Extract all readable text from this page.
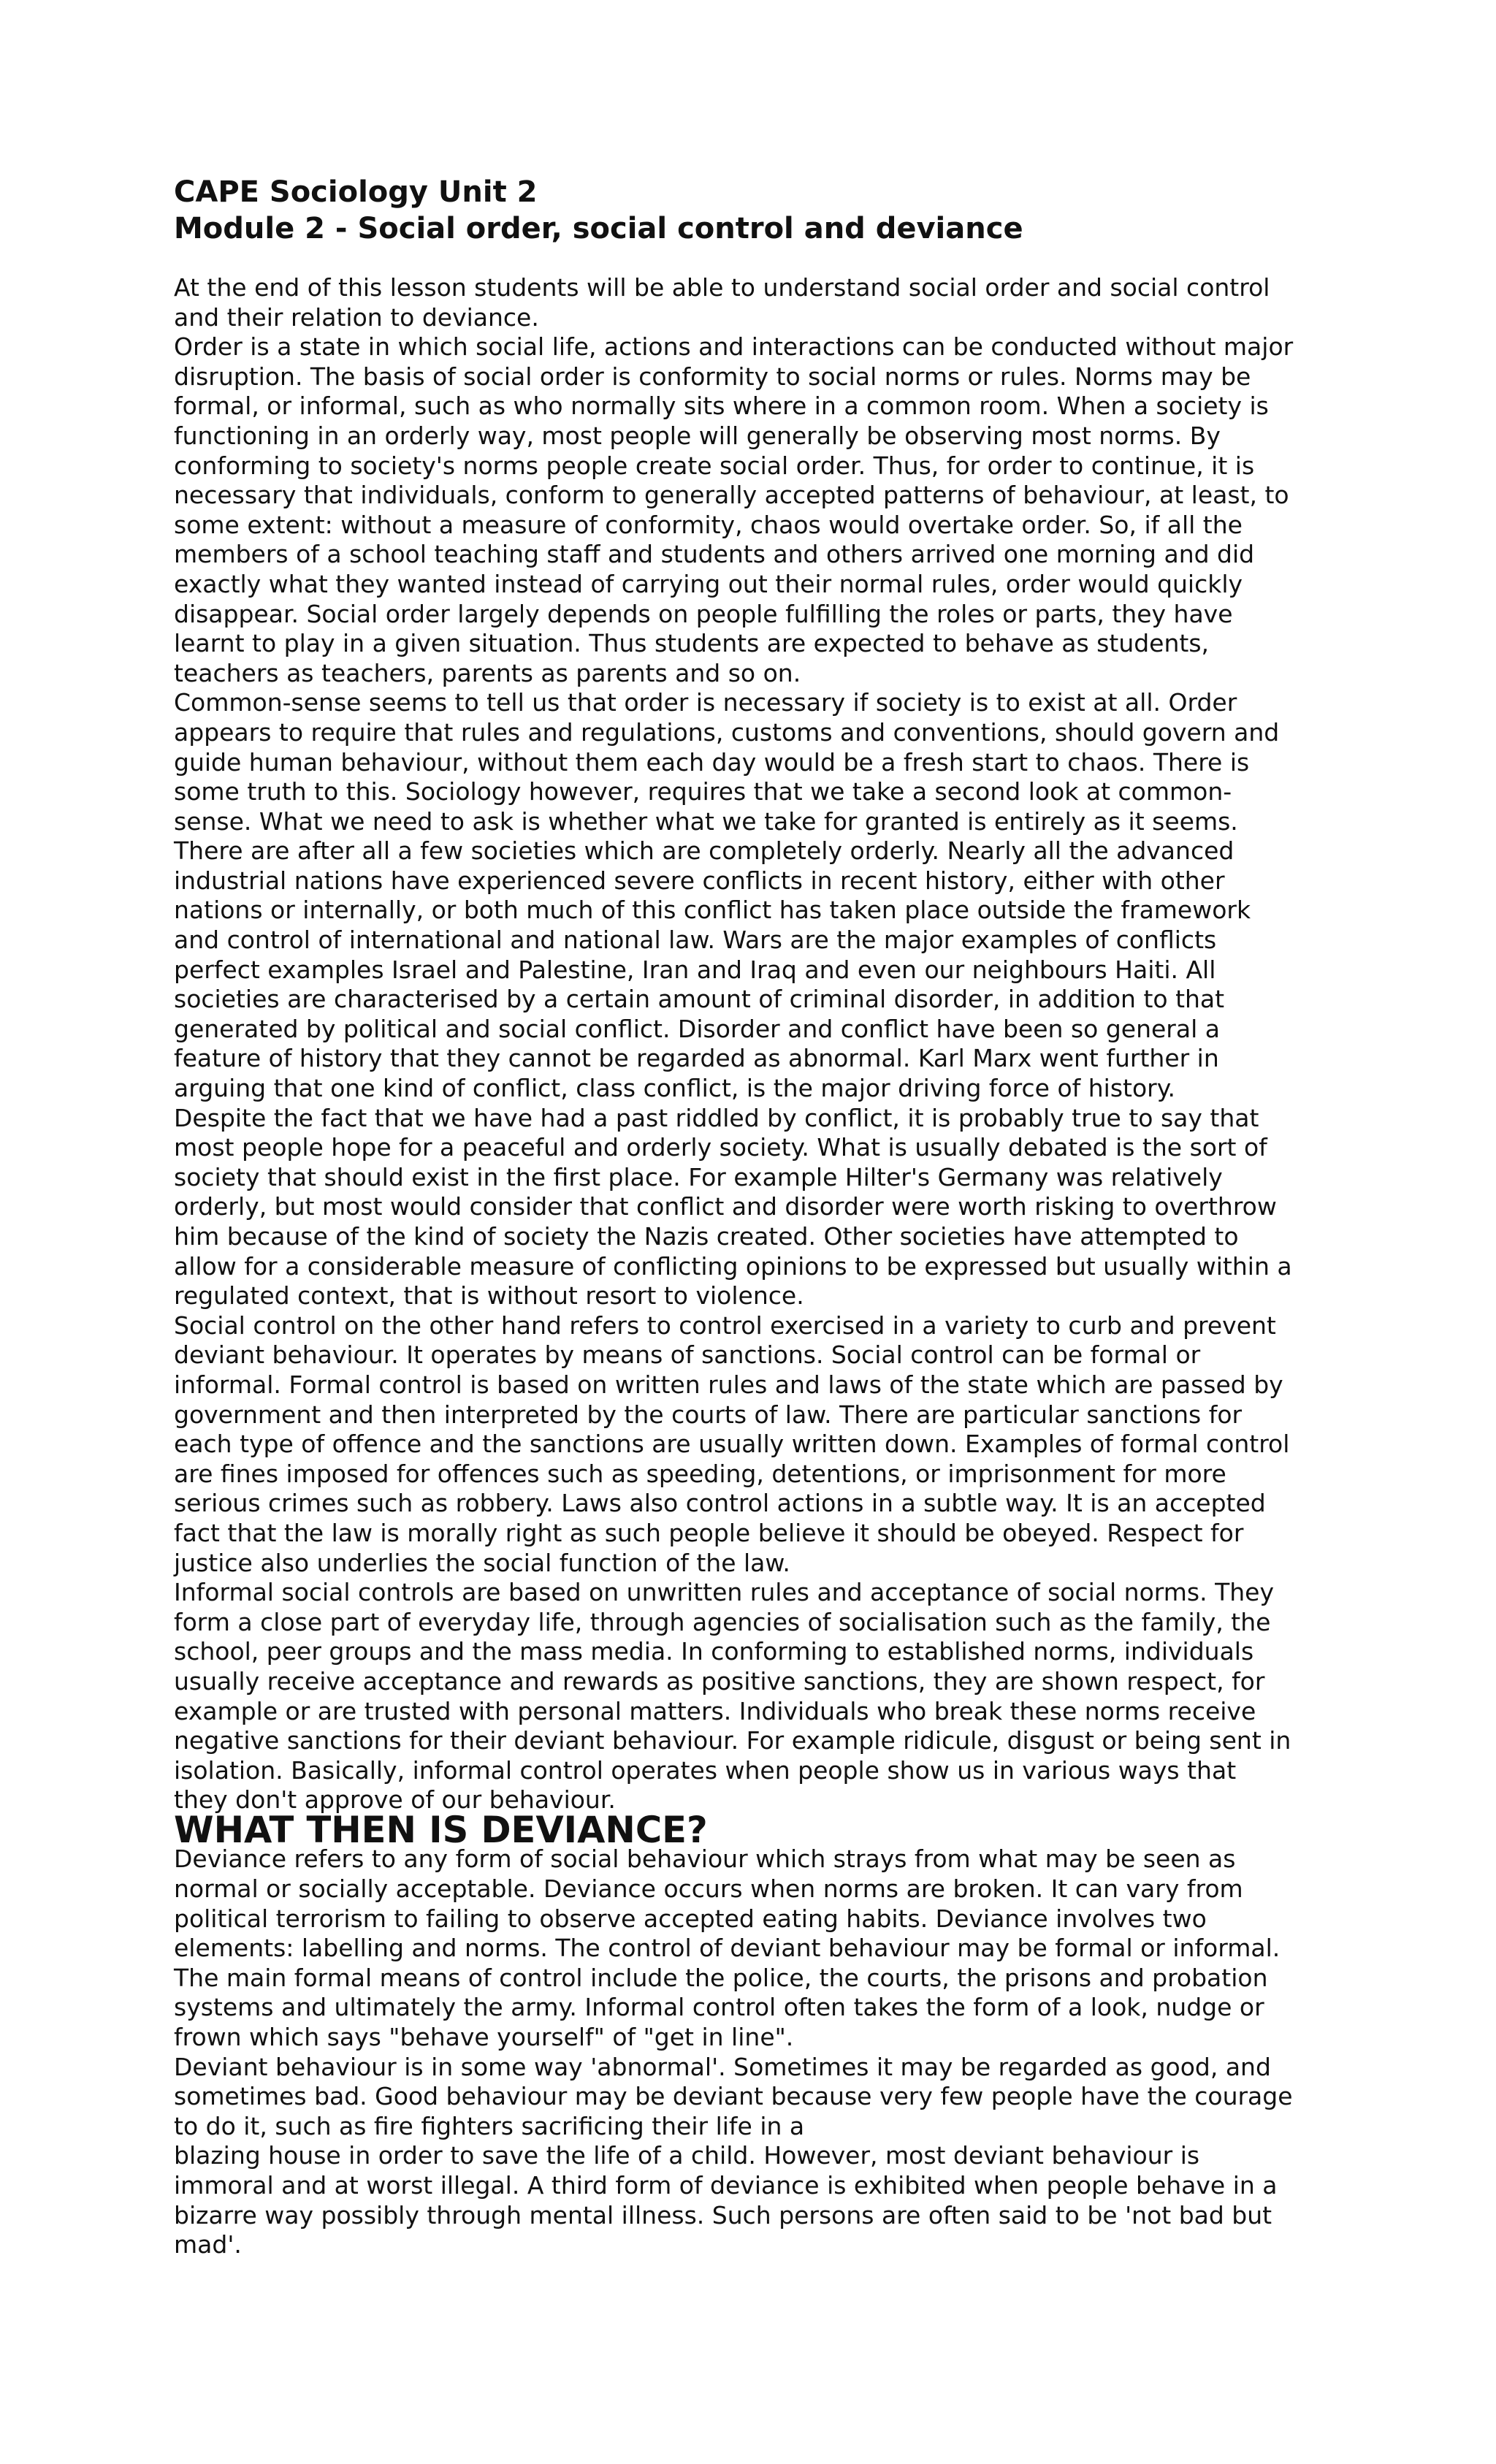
CAPE Sociology Unit 2
Module 2 - Social order, social control and deviance

At the end of this lesson students will be able to understand social order and social control
and their relation to deviance.

Order is a state in which social life, actions and interactions can be conducted without major
disruption. The basis of social order is conformity to social norms or rules. Norms may be
formal, or informal, such as who normally sits where in a common room. When a society is
functioning in an orderly way, most people will generally be observing most norms. By
conforming to society's norms people create social order. Thus, for order to continue, it is
necessary that individuals, conform to generally accepted patterns of behaviour, at least, to
some extent: without a measure of conformity, chaos would overtake order. So, if all the
members of a school teaching staff and students and others arrived one morning and did
exactly what they wanted instead of carrying out their normal rules, order would quickly
disappear. Social order largely depends on people fulfilling the roles or parts, they have
learnt to play in a given situation. Thus students are expected to behave as students,
teachers as teachers, parents as parents and so on.

Common-sense seems to tell us that order is necessary if society is to exist at all. Order
appears to require that rules and regulations, customs and conventions, should govern and
guide human behaviour, without them each day would be a fresh start to chaos. There is
some truth to this. Sociology however, requires that we take a second look at common-
sense. What we need to ask is whether what we take for granted is entirely as it seems.
There are after all a few societies which are completely orderly. Nearly all the advanced
industrial nations have experienced severe conflicts in recent history, either with other
nations or internally, or both much of this conflict has taken place outside the framework
and control of international and national law. Wars are the major examples of conflicts
perfect examples Israel and Palestine, Iran and Iraq and even our neighbours Haiti. All
societies are characterised by a certain amount of criminal disorder, in addition to that
generated by political and social conflict. Disorder and conflict have been so general a
feature of history that they cannot be regarded as abnormal. Karl Marx went further in
arguing that one kind of conflict, class conflict, is the major driving force of history.

Despite the fact that we have had a past riddled by conflict, it is probably true to say that
most people hope for a peaceful and orderly society. What is usually debated is the sort of
society that should exist in the first place. For example Hilter's Germany was relatively
orderly, but most would consider that conflict and disorder were worth risking to overthrow
him because of the kind of society the Nazis created. Other societies have attempted to
allow for a considerable measure of conflicting opinions to be expressed but usually within a
regulated context, that is without resort to violence.

Social control on the other hand refers to control exercised in a variety to curb and prevent
deviant behaviour. It operates by means of sanctions. Social control can be formal or
informal. Formal control is based on written rules and laws of the state which are passed by
government and then interpreted by the courts of law. There are particular sanctions for
each type of offence and the sanctions are usually written down. Examples of formal control
are fines imposed for offences such as speeding, detentions, or imprisonment for more
serious crimes such as robbery. Laws also control actions in a subtle way. It is an accepted
fact that the law is morally right as such people believe it should be obeyed. Respect for
justice also underlies the social function of the law.

Informal social controls are based on unwritten rules and acceptance of social norms. They
form a close part of everyday life, through agencies of socialisation such as the family, the
school, peer groups and the mass media. In conforming to established norms, individuals
usually receive acceptance and rewards as positive sanctions, they are shown respect, for
example or are trusted with personal matters. Individuals who break these norms receive
negative sanctions for their deviant behaviour. For example ridicule, disgust or being sent in
isolation. Basically, informal control operates when people show us in various ways that
they don't approve of our behaviour.

WHAT THEN IS DEVIANCE?

Deviance refers to any form of social behaviour which strays from what may be seen as
normal or socially acceptable. Deviance occurs when norms are broken. It can vary from
political terrorism to failing to observe accepted eating habits. Deviance involves two
elements: labelling and norms. The control of deviant behaviour may be formal or informal.
The main formal means of control include the police, the courts, the prisons and probation
systems and ultimately the army. Informal control often takes the form of a look, nudge or
frown which says "behave yourself" of "get in line".

Deviant behaviour is in some way 'abnormal'. Sometimes it may be regarded as good, and
sometimes bad. Good behaviour may be deviant because very few people have the courage
to do it, such as fire fighters sacrificing their life in a
blazing house in order to save the life of a child. However, most deviant behaviour is
immoral and at worst illegal. A third form of deviance is exhibited when people behave in a
bizarre way possibly through mental illness. Such persons are often said to be 'not bad but
mad'.
